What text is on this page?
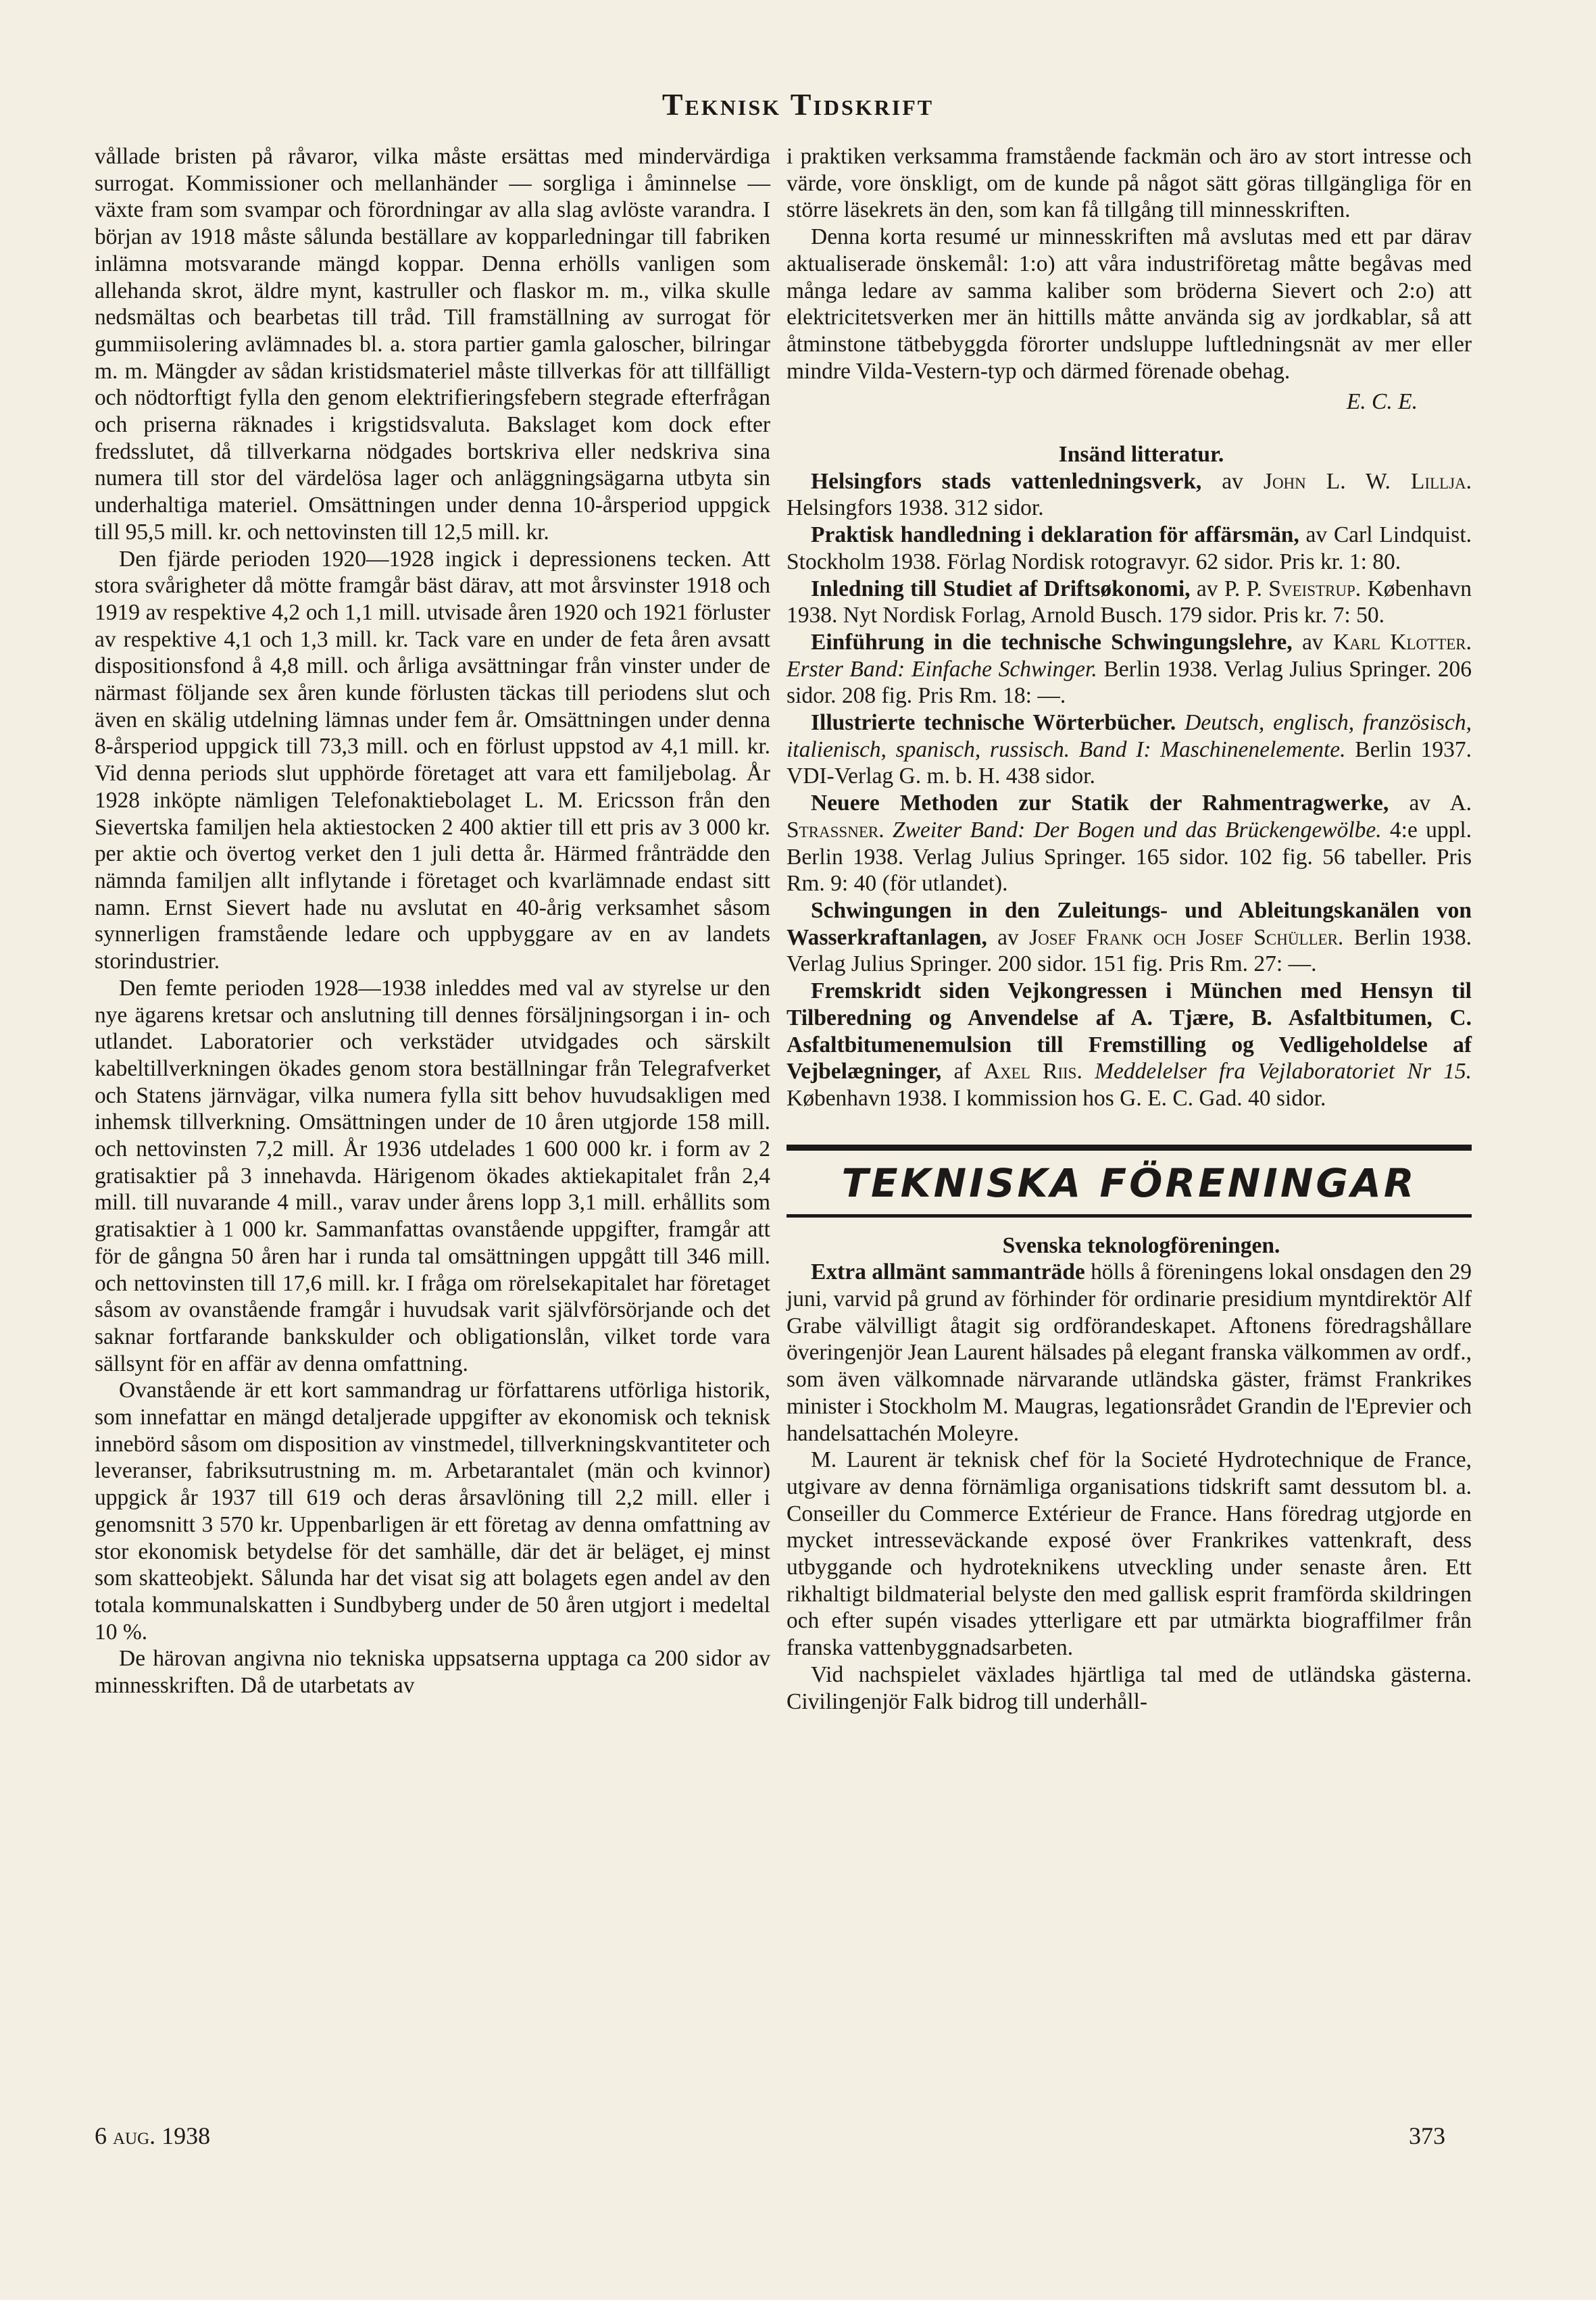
Teknisk Tidskrift

vållade bristen på råvaror, vilka måste ersättas med mindervärdiga surrogat. Kommissioner och mellanhänder — sorgliga i åminnelse — växte fram som svampar och förordningar av alla slag avlöste varandra. I början av 1918 måste sålunda beställare av kopparledningar till fabriken inlämna motsvarande mängd koppar. Denna erhölls vanligen som allehanda skrot, äldre mynt, kastruller och flaskor m. m., vilka skulle nedsmältas och bearbetas till tråd. Till framställning av surrogat för gummiisolering avlämnades bl. a. stora partier gamla galoscher, bilringar m. m. Mängder av sådan kristidsmateriel måste tillverkas för att tillfälligt och nödtorftigt fylla den genom elektrifieringsfebern stegrade efterfrågan och priserna räknades i krigstidsvaluta. Bakslaget kom dock efter fredsslutet, då tillverkarna nödgades bortskriva eller nedskriva sina numera till stor del värdelösa lager och anläggningsägarna utbyta sin underhaltiga materiel. Omsättningen under denna 10-årsperiod uppgick till 95,5 mill. kr. och nettovinsten till 12,5 mill. kr.

Den fjärde perioden 1920—1928 ingick i depressionens tecken. Att stora svårigheter då mötte framgår bäst därav, att mot årsvinster 1918 och 1919 av respektive 4,2 och 1,1 mill. utvisade åren 1920 och 1921 förluster av respektive 4,1 och 1,3 mill. kr. Tack vare en under de feta åren avsatt dispositionsfond å 4,8 mill. och årliga avsättningar från vinster under de närmast följande sex åren kunde förlusten täckas till periodens slut och även en skälig utdelning lämnas under fem år. Omsättningen under denna 8-årsperiod uppgick till 73,3 mill. och en förlust uppstod av 4,1 mill. kr. Vid denna periods slut upphörde företaget att vara ett familjebolag. År 1928 inköpte nämligen Telefonaktiebolaget L. M. Ericsson från den Sievertska familjen hela aktiestocken 2 400 aktier till ett pris av 3 000 kr. per aktie och övertog verket den 1 juli detta år. Härmed frånträdde den nämnda familjen allt inflytande i företaget och kvarlämnade endast sitt namn. Ernst Sievert hade nu avslutat en 40-årig verksamhet såsom synnerligen framstående ledare och uppbyggare av en av landets storindustrier.

Den femte perioden 1928—1938 inleddes med val av styrelse ur den nye ägarens kretsar och anslutning till dennes försäljningsorgan i in- och utlandet. Laboratorier och verkstäder utvidgades och särskilt kabeltillverkningen ökades genom stora beställningar från Telegrafverket och Statens järnvägar, vilka numera fylla sitt behov huvudsakligen med inhemsk tillverkning. Omsättningen under de 10 åren utgjorde 158 mill. och nettovinsten 7,2 mill. År 1936 utdelades 1 600 000 kr. i form av 2 gratisaktier på 3 innehavda. Härigenom ökades aktiekapitalet från 2,4 mill. till nuvarande 4 mill., varav under årens lopp 3,1 mill. erhållits som gratisaktier à 1 000 kr. Sammanfattas ovanstående uppgifter, framgår att för de gångna 50 åren har i runda tal omsättningen uppgått till 346 mill. och nettovinsten till 17,6 mill. kr. I fråga om rörelsekapitalet har företaget såsom av ovanstående framgår i huvudsak varit självförsörjande och det saknar fortfarande bankskulder och obligationslån, vilket torde vara sällsynt för en affär av denna omfattning.

Ovanstående är ett kort sammandrag ur författarens utförliga historik, som innefattar en mängd detaljerade uppgifter av ekonomisk och teknisk innebörd såsom om disposition av vinstmedel, tillverkningskvantiteter och leveranser, fabriksutrustning m. m. Arbetarantalet (män och kvinnor) uppgick år 1937 till 619 och deras årsavlöning till 2,2 mill. eller i genomsnitt 3 570 kr. Uppenbarligen är ett företag av denna omfattning av stor ekonomisk betydelse för det samhälle, där det är beläget, ej minst som skatteobjekt. Sålunda har det visat sig att bolagets egen andel av den totala kommunalskatten i Sundbyberg under de 50 åren utgjort i medeltal 10 %.

De härovan angivna nio tekniska uppsatserna upptaga ca 200 sidor av minnesskriften. Då de utarbetats av

i praktiken verksamma framstående fackmän och äro av stort intresse och värde, vore önskligt, om de kunde på något sätt göras tillgängliga för en större läsekrets än den, som kan få tillgång till minnesskriften.

Denna korta resumé ur minnesskriften må avslutas med ett par därav aktualiserade önskemål: 1:o) att våra industriföretag måtte begåvas med många ledare av samma kaliber som bröderna Sievert och 2:o) att elektricitetsverken mer än hittills måtte använda sig av jordkablar, så att åtminstone tätbebyggda förorter undsluppe luftledningsnät av mer eller mindre Vilda-Vestern-typ och därmed förenade obehag.

E. C. E.

Insänd litteratur.

Helsingfors stads vattenledningsverk, av John L. W. Lillja. Helsingfors 1938. 312 sidor.

Praktisk handledning i deklaration för affärsmän, av Carl Lindquist. Stockholm 1938. Förlag Nordisk rotogravyr. 62 sidor. Pris kr. 1: 80.

Inledning till Studiet af Driftsøkonomi, av P. P. Sveistrup. København 1938. Nyt Nordisk Forlag, Arnold Busch. 179 sidor. Pris kr. 7: 50.

Einführung in die technische Schwingungslehre, av Karl Klotter. Erster Band: Einfache Schwinger. Berlin 1938. Verlag Julius Springer. 206 sidor. 208 fig. Pris Rm. 18: —.

Illustrierte technische Wörterbücher. Deutsch, englisch, französisch, italienisch, spanisch, russisch. Band I: Maschinenelemente. Berlin 1937. VDI-Verlag G. m. b. H. 438 sidor.

Neuere Methoden zur Statik der Rahmentragwerke, av A. Strassner. Zweiter Band: Der Bogen und das Brückengewölbe. 4:e uppl. Berlin 1938. Verlag Julius Springer. 165 sidor. 102 fig. 56 tabeller. Pris Rm. 9: 40 (för utlandet).

Schwingungen in den Zuleitungs- und Ableitungskanälen von Wasserkraftanlagen, av Josef Frank och Josef Schüller. Berlin 1938. Verlag Julius Springer. 200 sidor. 151 fig. Pris Rm. 27: —.

Fremskridt siden Vejkongressen i München med Hensyn til Tilberedning og Anvendelse af A. Tjære, B. Asfaltbitumen, C. Asfaltbitumenemulsion till Fremstilling og Vedligeholdelse af Vejbelægninger, af Axel Riis. Meddelelser fra Vejlaboratoriet Nr 15. København 1938. I kommission hos G. E. C. Gad. 40 sidor.

TEKNISKA FÖRENINGAR

Svenska teknologföreningen.

Extra allmänt sammanträde hölls å föreningens lokal onsdagen den 29 juni, varvid på grund av förhinder för ordinarie presidium myntdirektör Alf Grabe välvilligt åtagit sig ordförandeskapet. Aftonens föredragshållare överingenjör Jean Laurent hälsades på elegant franska välkommen av ordf., som även välkomnade närvarande utländska gäster, främst Frankrikes minister i Stockholm M. Maugras, legationsrådet Grandin de l'Eprevier och handelsattachén Moleyre.

M. Laurent är teknisk chef för la Societé Hydrotechnique de France, utgivare av denna förnämliga organisations tidskrift samt dessutom bl. a. Conseiller du Commerce Extérieur de France. Hans föredrag utgjorde en mycket intresseväckande exposé över Frankrikes vattenkraft, dess utbyggande och hydroteknikens utveckling under senaste åren. Ett rikhaltigt bildmaterial belyste den med gallisk esprit framförda skildringen och efter supén visades ytterligare ett par utmärkta biograffilmer från franska vattenbyggnadsarbeten.

Vid nachspielet växlades hjärtliga tal med de utländska gästerna. Civilingenjör Falk bidrog till underhåll-

6 aug. 1938	373
